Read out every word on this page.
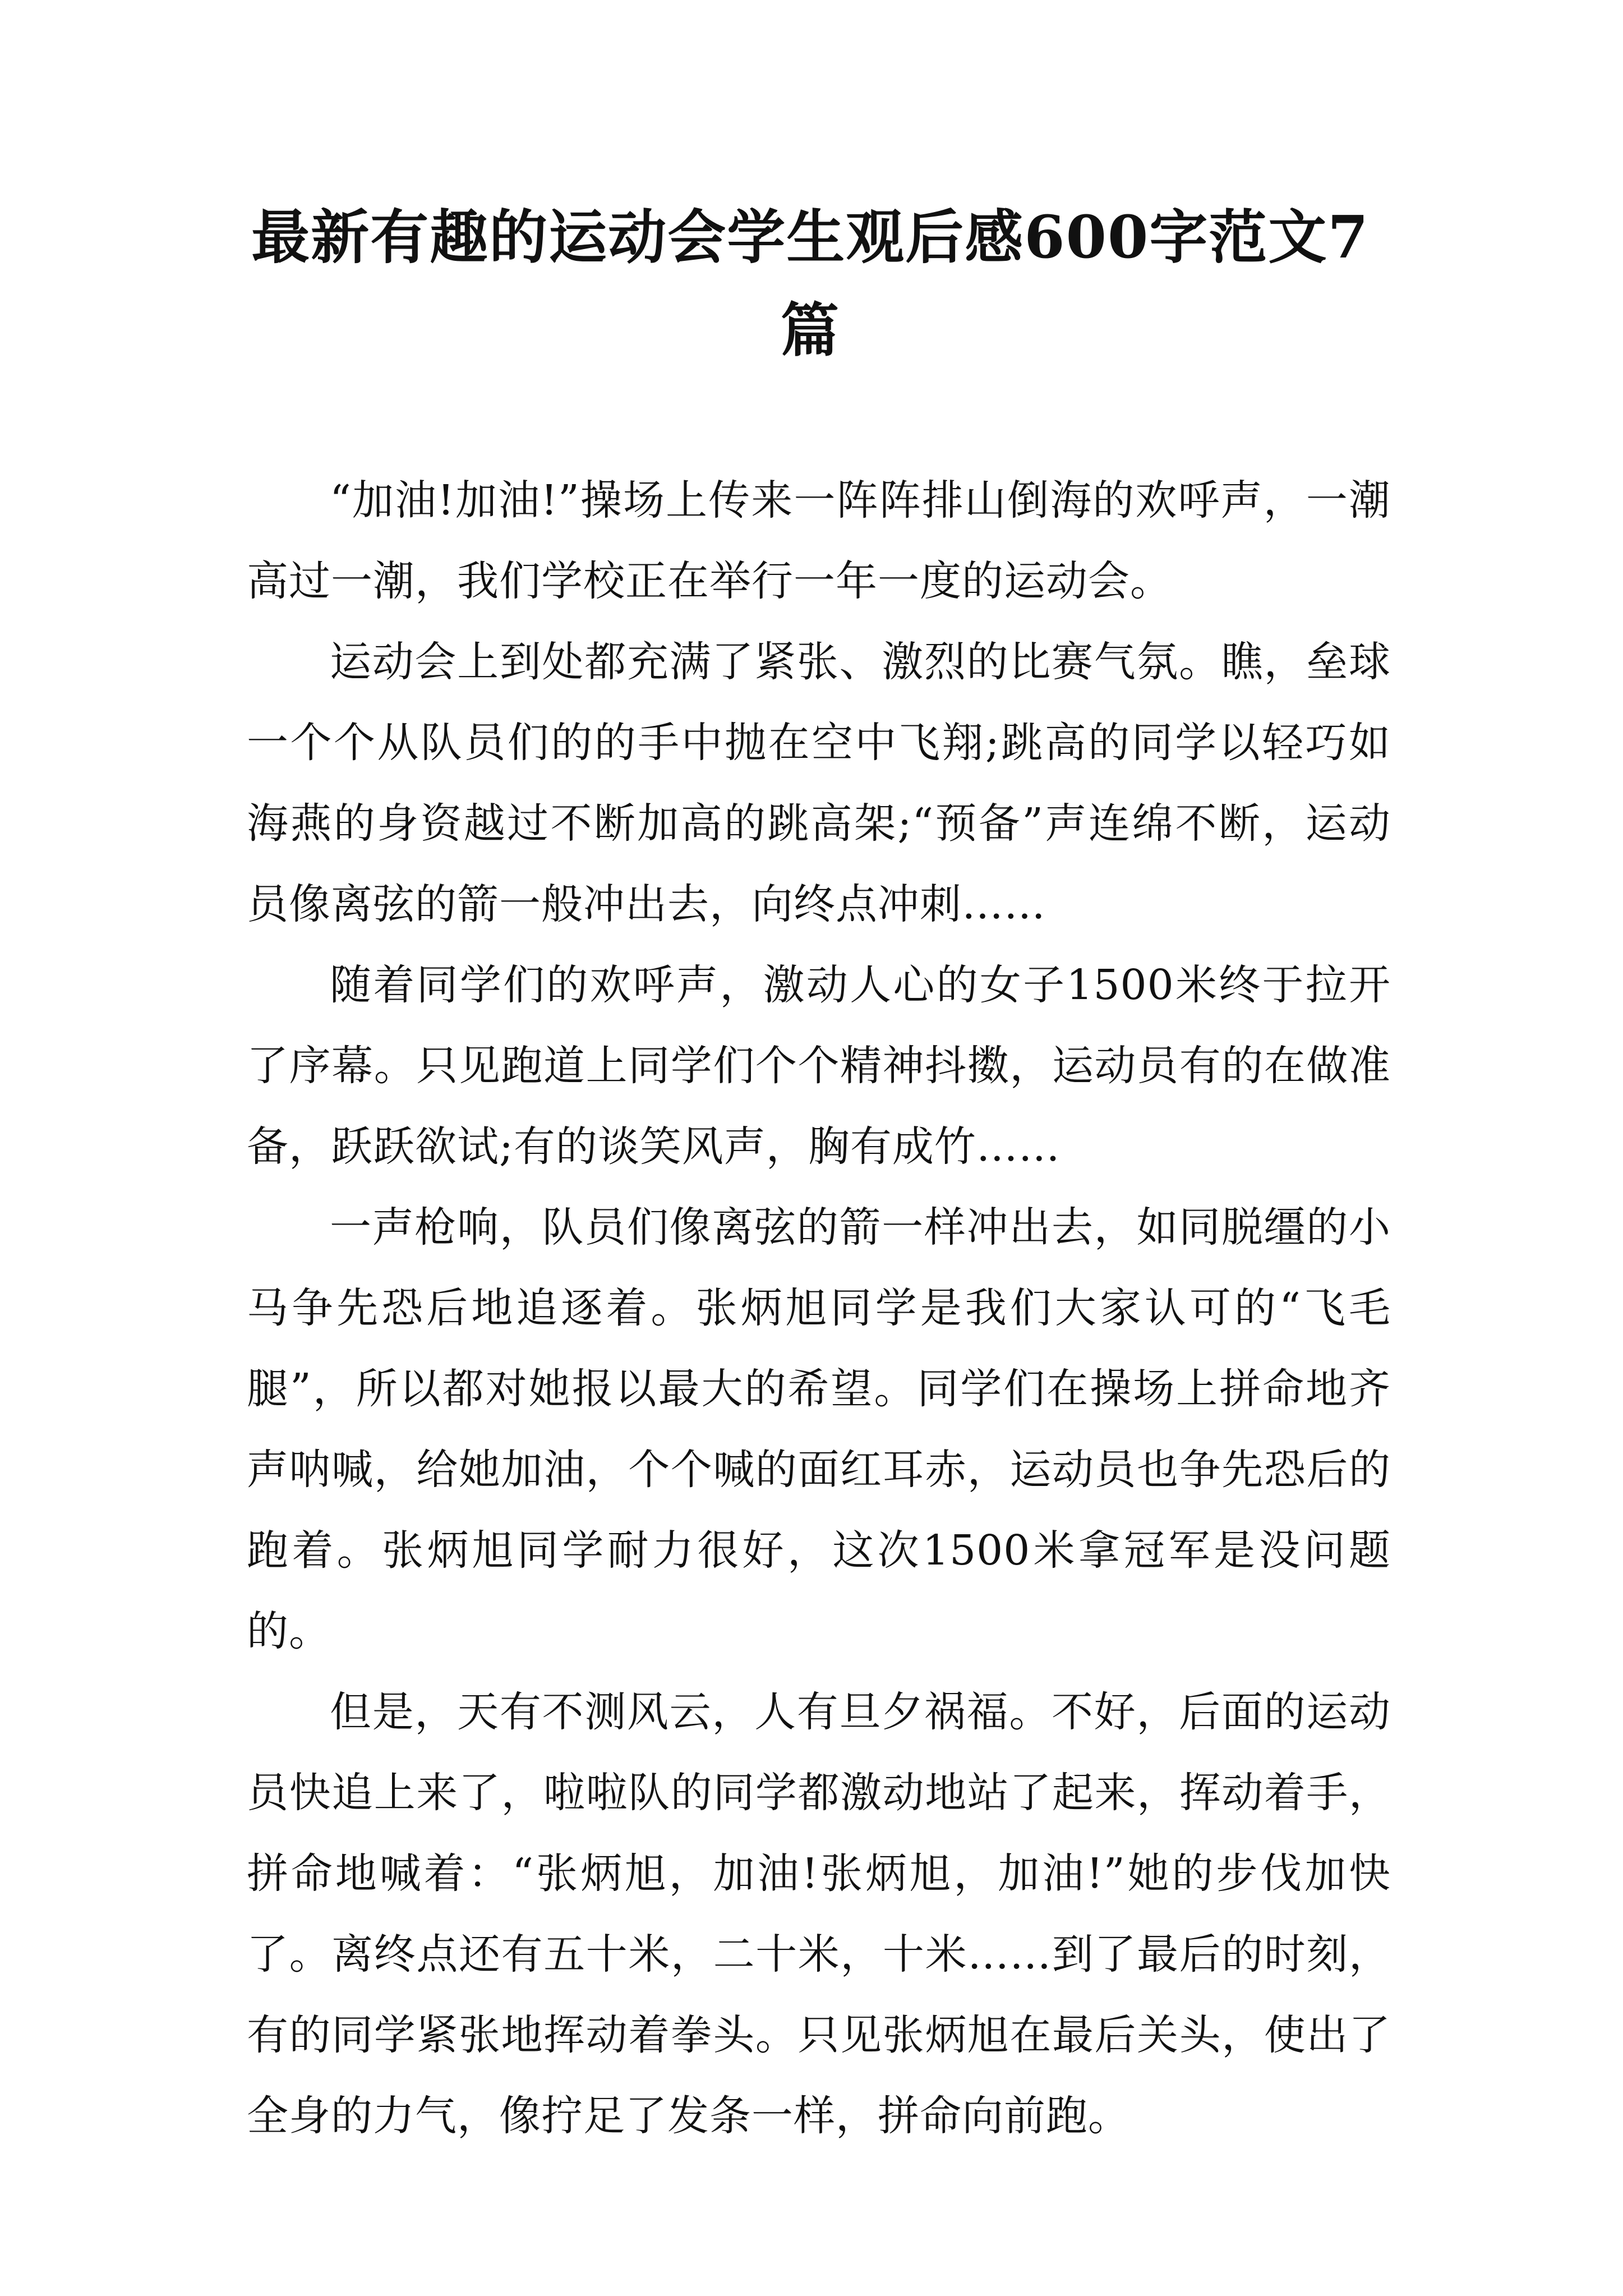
最新有趣的运动会学生观后感600字范文7篇

“加油!加油!”操场上传来一阵阵排山倒海的欢呼声，一潮高过一潮，我们学校正在举行一年一度的运动会。

运动会上到处都充满了紧张、激烈的比赛气氛。瞧，垒球一个个从队员们的的手中抛在空中飞翔;跳高的同学以轻巧如海燕的身资越过不断加高的跳高架;“预备”声连绵不断，运动员像离弦的箭一般冲出去，向终点冲刺……

随着同学们的欢呼声，激动人心的女子1500米终于拉开了序幕。只见跑道上同学们个个精神抖擞，运动员有的在做准备，跃跃欲试;有的谈笑风声，胸有成竹……

一声枪响，队员们像离弦的箭一样冲出去，如同脱缰的小马争先恐后地追逐着。张炳旭同学是我们大家认可的“飞毛腿”，所以都对她报以最大的希望。同学们在操场上拼命地齐声呐喊，给她加油，个个喊的面红耳赤，运动员也争先恐后的跑着。张炳旭同学耐力很好，这次1500米拿冠军是没问题的。

但是，天有不测风云，人有旦夕祸福。不好，后面的运动员快追上来了，啦啦队的同学都激动地站了起来，挥动着手，拼命地喊着：“张炳旭，加油!张炳旭，加油!”她的步伐加快了。离终点还有五十米，二十米，十米……到了最后的时刻，有的同学紧张地挥动着拳头。只见张炳旭在最后关头，使出了全身的力气，像拧足了发条一样，拼命向前跑。
